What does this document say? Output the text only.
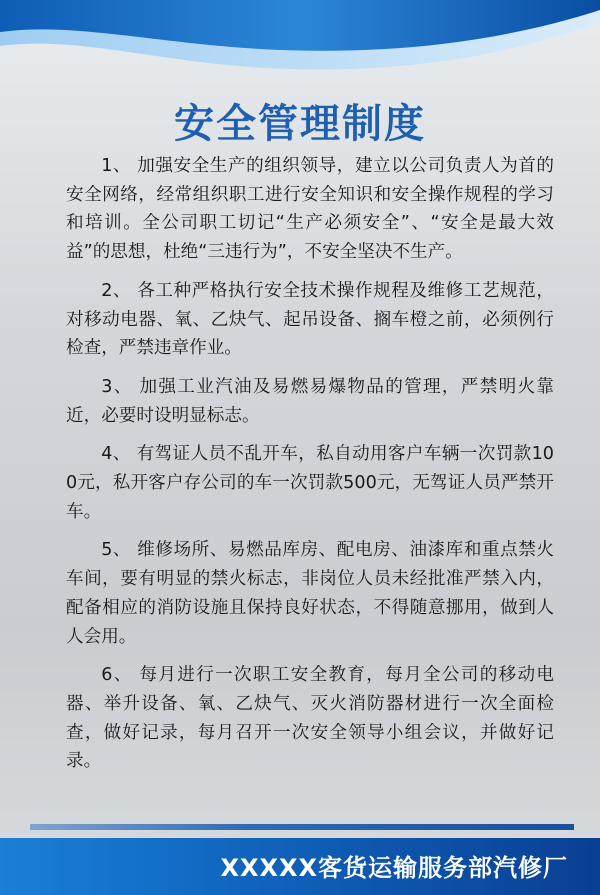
安全管理制度

1、 加强安全生产的组织领导，建立以公司负责人为首的安全网络，经常组织职工进行安全知识和安全操作规程的学习和培训。全公司职工切记“生产必须安全”、“安全是最大效益”的思想，杜绝“三违行为”，不安全坚决不生产。

2、 各工种严格执行安全技术操作规程及维修工艺规范，对移动电器、氧、乙炔气、起吊设备、搁车橙之前，必须例行检查，严禁违章作业。

3、 加强工业汽油及易燃易爆物品的管理，严禁明火靠近，必要时设明显标志。

4、 有驾证人员不乱开车，私自动用客户车辆一次罚款100元，私开客户存公司的车一次罚款500元，无驾证人员严禁开车。

5、 维修场所、易燃品库房、配电房、油漆库和重点禁火车间，要有明显的禁火标志，非岗位人员未经批准严禁入内，配备相应的消防设施且保持良好状态，不得随意挪用，做到人人会用。

6、 每月进行一次职工安全教育，每月全公司的移动电器、举升设备、氧、乙炔气、灭火消防器材进行一次全面检查，做好记录，每月召开一次安全领导小组会议，并做好记录。

XXXXX客货运输服务部汽修厂
